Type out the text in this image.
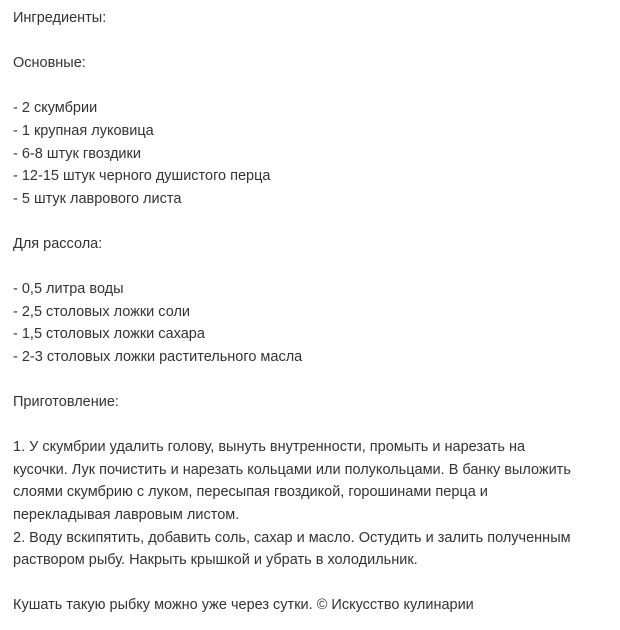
Ингредиенты:
Основные:
- 2 скумбрии
- 1 крупная луковица
- 6-8 штук гвоздики
- 12-15 штук черного душистого перца
- 5 штук лаврового листа
Для рассола:
- 0,5 литра воды
- 2,5 столовых ложки соли
- 1,5 столовых ложки сахара
- 2-3 столовых ложки растительного масла
Приготовление:
1. У скумбрии удалить голову, вынуть внутренности, промыть и нарезать на
кусочки. Лук почистить и нарезать кольцами или полукольцами. В банку выложить
слоями скумбрию с луком, пересыпая гвоздикой, горошинами перца и
перекладывая лавровым листом.
2. Воду вскипятить, добавить соль, сахар и масло. Остудить и залить полученным
раствором рыбу. Накрыть крышкой и убрать в холодильник.
Кушать такую рыбку можно уже через сутки. © Искусство кулинарии
